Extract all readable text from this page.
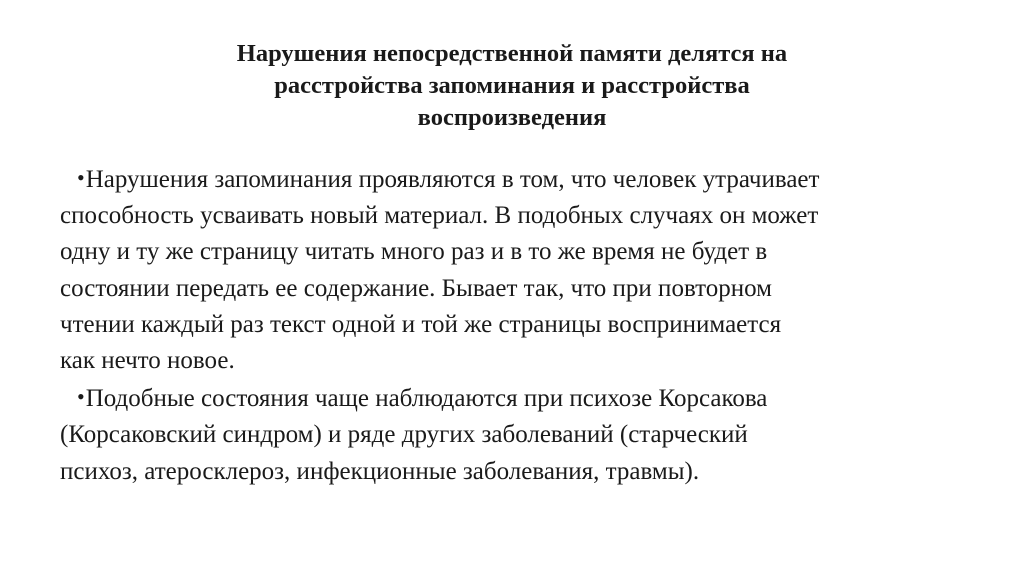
Нарушения непосредственной памяти делятся на
расстройства запоминания и расстройства
воспроизведения

•Нарушения запоминания проявляются в том, что человек утрачивает
способность усваивать новый материал. В подобных случаях он может
одну и ту же страницу читать много раз и в то же время не будет в
состоянии передать ее содержание. Бывает так, что при повторном
чтении каждый раз текст одной и той же страницы воспринимается
как нечто новое.

•Подобные состояния чаще наблюдаются при психозе Корсакова
(Корсаковский синдром) и ряде других заболеваний (старческий
психоз, атеросклероз, инфекционные заболевания, травмы).
